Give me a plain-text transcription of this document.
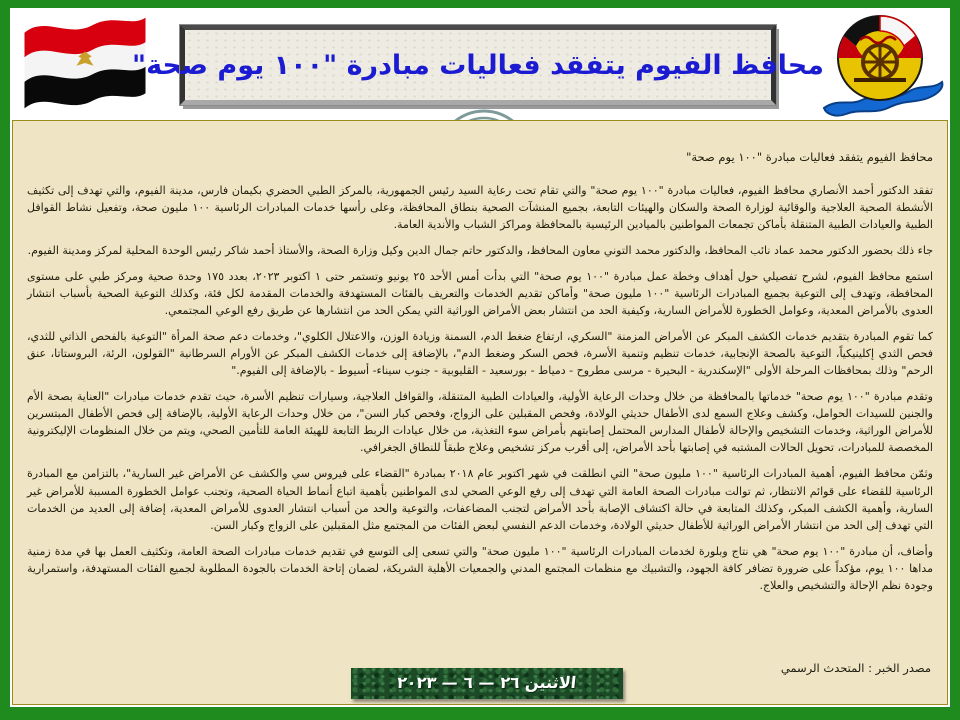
محافظ الفيوم يتفقد فعاليات مبادرة "١٠٠ يوم صحة"

محافظ الفيوم يتفقد فعاليات مبادرة "١٠٠ يوم صحة"

تفقد الدكتور أحمد الأنصاري محافظ الفيوم، فعاليات مبادرة "١٠٠ يوم صحة" والتي تقام تحت رعاية السيد رئيس الجمهورية، بالمركز الطبي الحضري بكيمان فارس، مدينة الفيوم، والتي تهدف إلى تكثيف الأنشطة الصحية العلاجية والوقائية لوزارة الصحة والسكان والهيئات التابعة، بجميع المنشآت الصحية بنطاق المحافظة، وعلى رأسها خدمات المبادرات الرئاسية ١٠٠ مليون صحة، وتفعيل نشاط القوافل الطبية والعيادات الطبية المتنقلة بأماكن تجمعات المواطنين بالميادين الرئيسية بالمحافظة ومراكز الشباب والأندية العامة.

جاء ذلك بحضور الدكتور محمد عماد نائب المحافظ، والدكتور محمد التوني معاون المحافظ، والدكتور حاتم جمال الدين وكيل وزارة الصحة، والأستاذ أحمد شاكر رئيس الوحدة المحلية لمركز ومدينة الفيوم.

استمع محافظ الفيوم، لشرح تفصيلي حول أهداف وخطة عمل مبادرة "١٠٠ يوم صحة" التي بدأت أمس الأحد ٢٥ يونيو وتستمر حتى ١ اكتوبر ٢٠٢٣، بعدد ١٧٥ وحدة صحية ومركز طبي على مستوى المحافظة، وتهدف إلى التوعية بجميع المبادرات الرئاسية "١٠٠ مليون صحة" وأماكن تقديم الخدمات والتعريف بالفئات المستهدفة والخدمات المقدمة لكل فئة، وكذلك التوعية الصحية بأسباب انتشار العدوى بالأمراض المعدية، وعوامل الخطورة للأمراض السارية، وكيفية الحد من انتشار بعض الأمراض الوراثية التي يمكن الحد من انتشارها عن طريق رفع الوعي المجتمعي.

كما تقوم المبادرة بتقديم خدمات الكشف المبكر عن الأمراض المزمنة "السكري، ارتفاع ضغط الدم، السمنة وزيادة الوزن، والاعتلال الكلوي"، وخدمات دعم صحة المرأة "التوعية بالفحص الذاتي للثدي، فحص الثدي إكلينيكياً، التوعية بالصحة الإنجابية، خدمات تنظيم وتنمية الأسرة، فحص السكر وضغط الدم"، بالإضافة إلى خدمات الكشف المبكر عن الأورام السرطانية "القولون، الرئة، البروستاتا، عنق الرحم" وذلك بمحافظات المرحلة الأولى "الإسكندرية - البحيرة - مرسى مطروح - دمياط - بورسعيد - القليوبية - جنوب سيناء- أسيوط - بالإضافة إلى الفيوم."

وتقدم مبادرة "١٠٠ يوم صحة" خدماتها بالمحافظة من خلال وحدات الرعاية الأولية، والعيادات الطبية المتنقلة، والقوافل العلاجية، وسيارات تنظيم الأسرة، حيث تقدم خدمات مبادرات "العناية بصحة الأم والجنين للسيدات الحوامل، وكشف وعلاج السمع لدى الأطفال حديثي الولادة، وفحص المقبلين على الزواج، وفحص كبار السن"، من خلال وحدات الرعاية الأولية، بالإضافة إلى فحص الأطفال المبتسرين للأمراض الوراثية، وخدمات التشخيص والإحالة لأطفال المدارس المحتمل إصابتهم بأمراض سوء التغذية، من خلال عيادات الربط التابعة للهيئة العامة للتأمين الصحي، ويتم من خلال المنظومات الإليكترونية المخصصة للمبادرات، تحويل الحالات المشتبه في إصابتها بأحد الأمراض، إلى أقرب مركز تشخيص وعلاج طبقاً للنطاق الجغرافي.

وثمّن محافظ الفيوم، أهمية المبادرات الرئاسية "١٠٠ مليون صحة" التي انطلقت في شهر اكتوبر عام ٢٠١٨ بمبادرة "القضاء على فيروس سي والكشف عن الأمراض غير السارية"، بالتزامن مع المبادرة الرئاسية للقضاء على قوائم الانتظار، ثم توالت مبادرات الصحة العامة التي تهدف إلى رفع الوعي الصحي لدى المواطنين بأهمية اتباع أنماط الحياة الصحية، وتجنب عوامل الخطورة المسببة للأمراض غير السارية، وأهمية الكشف المبكر، وكذلك المتابعة في حالة اكتشاف الإصابة بأحد الأمراض لتجنب المضاعفات، والتوعية والحد من أسباب انتشار العدوى للأمراض المعدية، إضافة إلى العديد من الخدمات التي تهدف إلى الحد من انتشار الأمراض الوراثية للأطفال حديثي الولادة، وخدمات الدعم النفسي لبعض الفئات من المجتمع مثل المقبلين على الزواج وكبار السن.

وأضاف، أن مبادرة "١٠٠ يوم صحة" هي نتاج وبلورة لخدمات المبادرات الرئاسية "١٠٠ مليون صحة" والتي تسعى إلى التوسع في تقديم خدمات مبادرات الصحة العامة، وتكثيف العمل بها في مدة زمنية مداها ١٠٠ يوم، مؤكداً على ضرورة تضافر كافة الجهود، والتشبيك مع منظمات المجتمع المدني والجمعيات الأهلية الشريكة، لضمان إتاحة الخدمات بالجودة المطلوبة لجميع الفئات المستهدفة، واستمرارية وجودة نظم الإحالة والتشخيص والعلاج.

مصدر الخبر : المتحدث الرسمي
الاثنين ٢٦ — ٦ — ٢٠٢٣
